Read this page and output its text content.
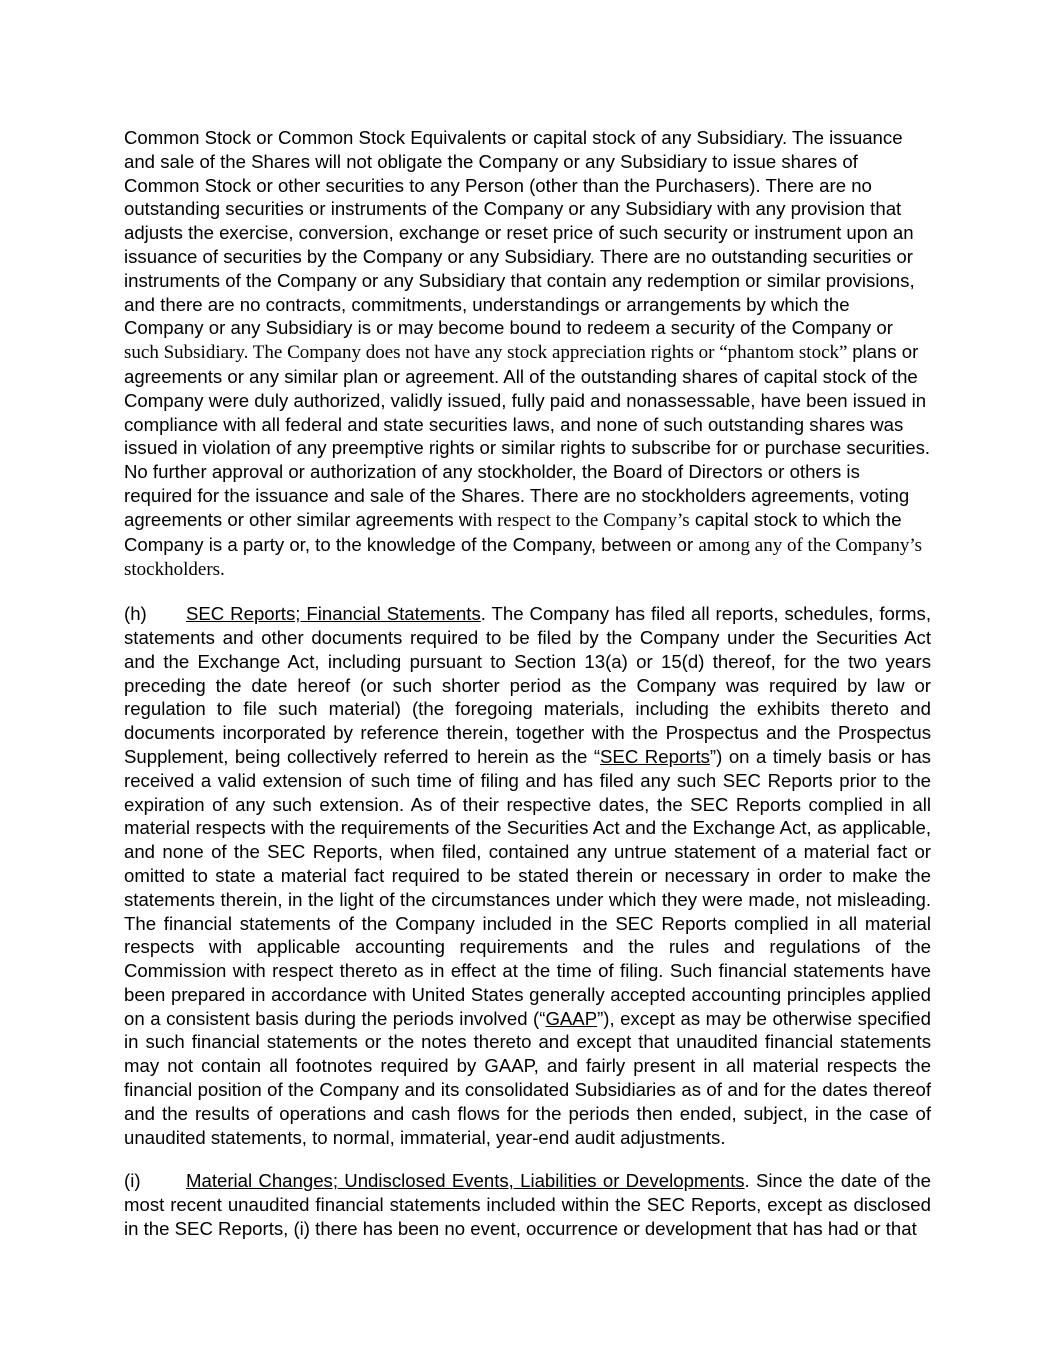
Common Stock or Common Stock Equivalents or capital stock of any Subsidiary. The issuance and sale of the Shares will not obligate the Company or any Subsidiary to issue shares of Common Stock or other securities to any Person (other than the Purchasers). There are no outstanding securities or instruments of the Company or any Subsidiary with any provision that adjusts the exercise, conversion, exchange or reset price of such security or instrument upon an issuance of securities by the Company or any Subsidiary. There are no outstanding securities or instruments of the Company or any Subsidiary that contain any redemption or similar provisions, and there are no contracts, commitments, understandings or arrangements by which the Company or any Subsidiary is or may become bound to redeem a security of the Company or such Subsidiary. The Company does not have any stock appreciation rights or “phantom stock” plans or agreements or any similar plan or agreement. All of the outstanding shares of capital stock of the Company were duly authorized, validly issued, fully paid and nonassessable, have been issued in compliance with all federal and state securities laws, and none of such outstanding shares was issued in violation of any preemptive rights or similar rights to subscribe for or purchase securities. No further approval or authorization of any stockholder, the Board of Directors or others is required for the issuance and sale of the Shares. There are no stockholders agreements, voting agreements or other similar agreements with respect to the Company’s capital stock to which the Company is a party or, to the knowledge of the Company, between or among any of the Company’s stockholders.

(h) SEC Reports; Financial Statements. The Company has filed all reports, schedules, forms, statements and other documents required to be filed by the Company under the Securities Act and the Exchange Act, including pursuant to Section 13(a) or 15(d) thereof, for the two years preceding the date hereof (or such shorter period as the Company was required by law or regulation to file such material) (the foregoing materials, including the exhibits thereto and documents incorporated by reference therein, together with the Prospectus and the Prospectus Supplement, being collectively referred to herein as the “SEC Reports”) on a timely basis or has received a valid extension of such time of filing and has filed any such SEC Reports prior to the expiration of any such extension. As of their respective dates, the SEC Reports complied in all material respects with the requirements of the Securities Act and the Exchange Act, as applicable, and none of the SEC Reports, when filed, contained any untrue statement of a material fact or omitted to state a material fact required to be stated therein or necessary in order to make the statements therein, in the light of the circumstances under which they were made, not misleading. The financial statements of the Company included in the SEC Reports complied in all material respects with applicable accounting requirements and the rules and regulations of the Commission with respect thereto as in effect at the time of filing. Such financial statements have been prepared in accordance with United States generally accepted accounting principles applied on a consistent basis during the periods involved (“GAAP”), except as may be otherwise specified in such financial statements or the notes thereto and except that unaudited financial statements may not contain all footnotes required by GAAP, and fairly present in all material respects the financial position of the Company and its consolidated Subsidiaries as of and for the dates thereof and the results of operations and cash flows for the periods then ended, subject, in the case of unaudited statements, to normal, immaterial, year-end audit adjustments.

(i) Material Changes; Undisclosed Events, Liabilities or Developments. Since the date of the most recent unaudited financial statements included within the SEC Reports, except as disclosed in the SEC Reports, (i) there has been no event, occurrence or development that has had or that
